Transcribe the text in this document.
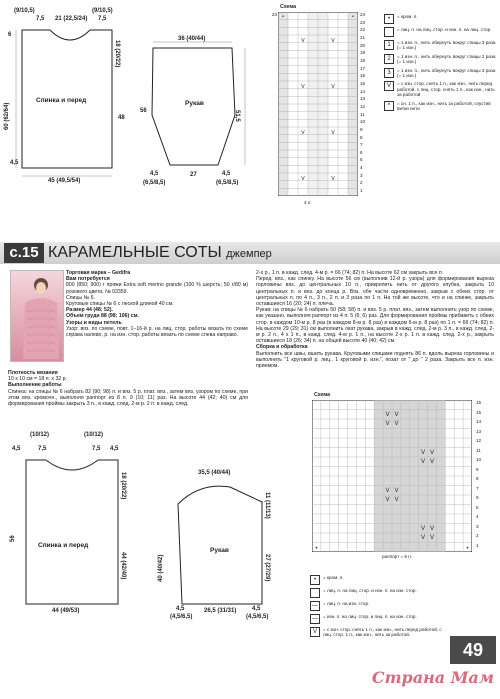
(9/10,5)
7,5 21 (22,5/24)
(9/10,5)
7,5
6
18 (20/22)
60 (62/64)	48
4,5
45 (49,5/54)
Спинка и перед	Рукав
36 (40/44)
56	51,5
4,5
(6,5/8,5)
27	4,5
(6,5/8,5)
Схема
•	•
V	V
V	V
V	V
V	V
23	24
23
22
21
20
19
18
17
16
15
14
13
12
11
10
9
8
7
6
5
4
3
2
1
4 п.
•	= кром. п.
= лиц. п. на лиц. стор. и изн. п. на лиц. стор.
1	= 1 изн. п., нить обернуть вокруг спицы 3 раза (= 1 изн.)
2	= 1 изн. п., нить обернуть вокруг спицы 2 раза (= 1 изн.)
3	= 1 изн. п., нить обернуть вокруг спицы 3 раза (= 1 изн.)
V	= с изн. стор. снять 1 п., как изн., нить перед работой, с лиц. стор. снять 1 п., как изн., нить за работой
^	= сн. 1 п., как изн., нить за работой, спустив витки нити
с.15 КАРАМЕЛЬНЫЕ СОТЫ джемпер
Торговая марка – Gedifra
Вам потребуется
800 (850; 900) г пряжи Extra soft merino grande (100 % шерсть; 50 г/80 м) розового цвета, № 03359.
Спицы № 6.
Круговые спицы № 6 с леской длиной 40 см.
Размер 44 (48; 52).
Объем груди 88 (98; 106) см.
Узоры и виды петель
Узор: вяз. по схеме, повт. 1–16-й р. на лиц. стор. работы вязать по схеме справа налево, р. на изн. стор. работы вязать по схеме слева направо.
Плотность вязания
10 х 10 см = 18 п. х 32 р.
Выполнение работы
Спинка: на спицы № 6 набрать 82 (90; 98) п. и вяз. 5 р. плат. вяз., затем вяз. узором по схеме, при этом вяз. кромочн., выполняя раппорт из 8 п. 9 (10; 11) раз. На высоте 44 (42; 40) см для формирования проймы закрыть 3 п., в кажд. след. 2-м р. 2 п. в кажд. след.
2-х р., 1 п. в кажд. след. 4-м р. = 66 (74; 82) п. На высоте 62 см закрыть все п.
Перед: вяз., как спинку. На высоте 56 см (выполнив 12-й р. узора) для формирования выреза горловины вяз. до центральных 10 п., прикрепить нить от другого клубка, закрыть 10 центральных п. и вяз. до конца р. Вяз. обе части одновременно, закрыв с обеих стор. от центральных п. по 4 п., 3 п., 2 п. и 3 раза по 1 п. На той же высоте, что и на спинке, закрыть оставшиеся 16 (20; 24) п. плеча.
Рукав: на спицы № 6 набрать 50 (58; 58) п. и вяз. 5 р. плат. вяз., затем выполнить узор по схеме, как указано, выполняя раппорт из 4 п. 5 (6; 6) раз. Для формирования проймы прибавить с обеих стор. в каждом 10-м р. 8 раз (в каждом 8-м р. 8 раз) в каждом 6-м р. 8 раз) по 1 п. = 66 (74; 82) п. На высоте 29 (29; 31) см выполнить окат рукава, закрыв в кажд. след. 2-м р. 3 п., в кажд. след. 2-м р. 2 п., 4 х 1 п., в кажд. след. 4-м р. 1 п., на высоте 2-х р. 1 п. в кажд. след. 2-х р., закрыть оставшиеся 18 (26; 34) п. на общей высоте 40 (40; 42) см.
Сборка и обработка
Выполнить все швы, вшить рукава. Круговыми спицами поднять 86 п. вдоль выреза горловины и выполнить "1 круговой р. лиц., 1 круговой р. изн.", позат от " до " 2 раза. Закрыть все п. изн. приемом.
(10/12)
4,5	7,5
(10/12)
7,5 4,5
18 (20/22)
56
44 (42/40)
44 (49/53)
Спинка и перед
Рукав
35,5 (40/44)
40 (40/42)
11 (11/13)
27 (27/29)
4,5
(4,5/6,5)
26,5 (31/31)	4,5
(4,5/6,5)
Схема
V V
V V
V V
V V
V V
V V
V V
V V
•	•
16
15
14
13
12
11
10
9
8
7
6
5
4
3
2
1
раппорт = 8 п.
•	= кром. п.
= лиц. п. на лиц. стор. и изн. п. на изн. стор.
—	= лиц. п. на изн. стор.
—	= изн. п. на лиц. стор. и лиц. п. на изн. стор.
V	= с изн. стор. снять 1 п., как изн., нить перед работой, с лиц. стор. 1 п., как изн., нить за работой.
49
Страна Мам
